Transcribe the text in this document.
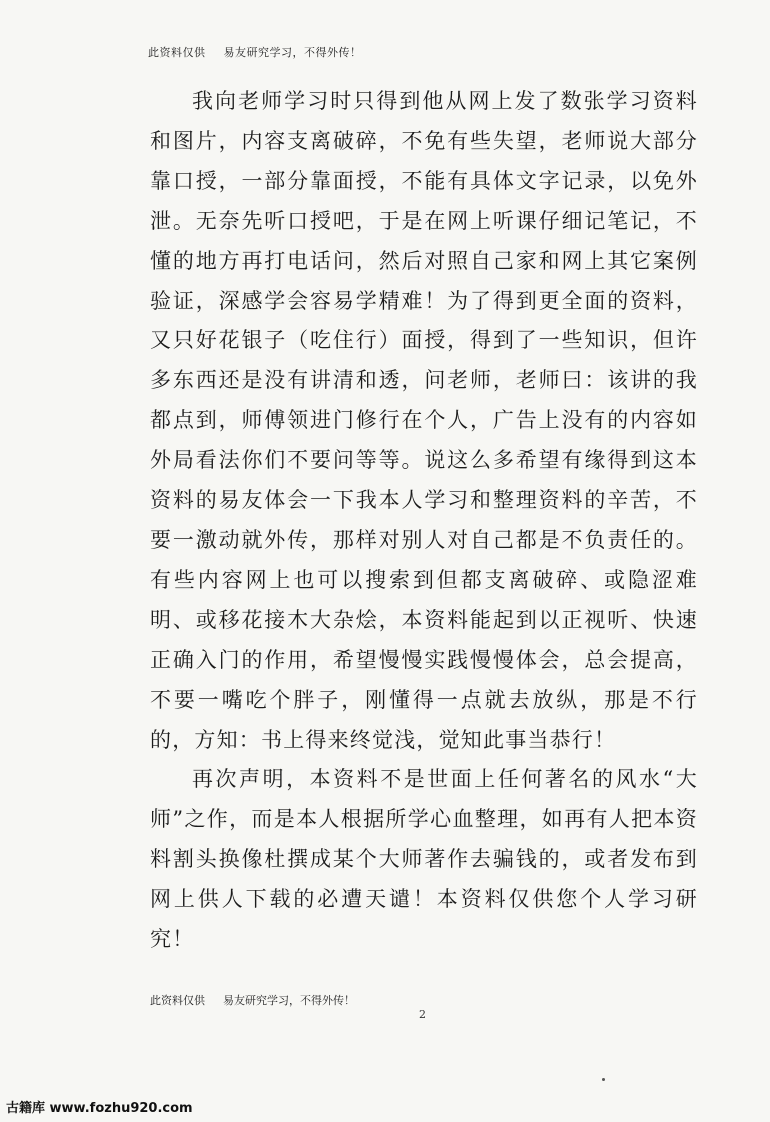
此资料仅供 易友研究学习，不得外传！

我向老师学习时只得到他从网上发了数张学习资料和图片，内容支离破碎，不免有些失望，老师说大部分靠口授，一部分靠面授，不能有具体文字记录，以免外泄。无奈先听口授吧，于是在网上听课仔细记笔记，不懂的地方再打电话问，然后对照自己家和网上其它案例验证，深感学会容易学精难！为了得到更全面的资料，又只好花银子（吃住行）面授，得到了一些知识，但许多东西还是没有讲清和透，问老师，老师曰：该讲的我都点到，师傅领进门修行在个人，广告上没有的内容如外局看法你们不要问等等。说这么多希望有缘得到这本资料的易友体会一下我本人学习和整理资料的辛苦，不要一激动就外传，那样对别人对自己都是不负责任的。有些内容网上也可以搜索到但都支离破碎、或隐涩难明、或移花接木大杂烩，本资料能起到以正视听、快速正确入门的作用，希望慢慢实践慢慢体会，总会提高，不要一嘴吃个胖子，刚懂得一点就去放纵，那是不行的，方知：书上得来终觉浅，觉知此事当恭行！

再次声明，本资料不是世面上任何著名的风水“大师”之作，而是本人根据所学心血整理，如再有人把本资料割头换像杜撰成某个大师著作去骗钱的，或者发布到网上供人下载的必遭天谴！本资料仅供您个人学习研究！

此资料仅供 易友研究学习，不得外传！
2
古籍库 www.fozhu920.com
